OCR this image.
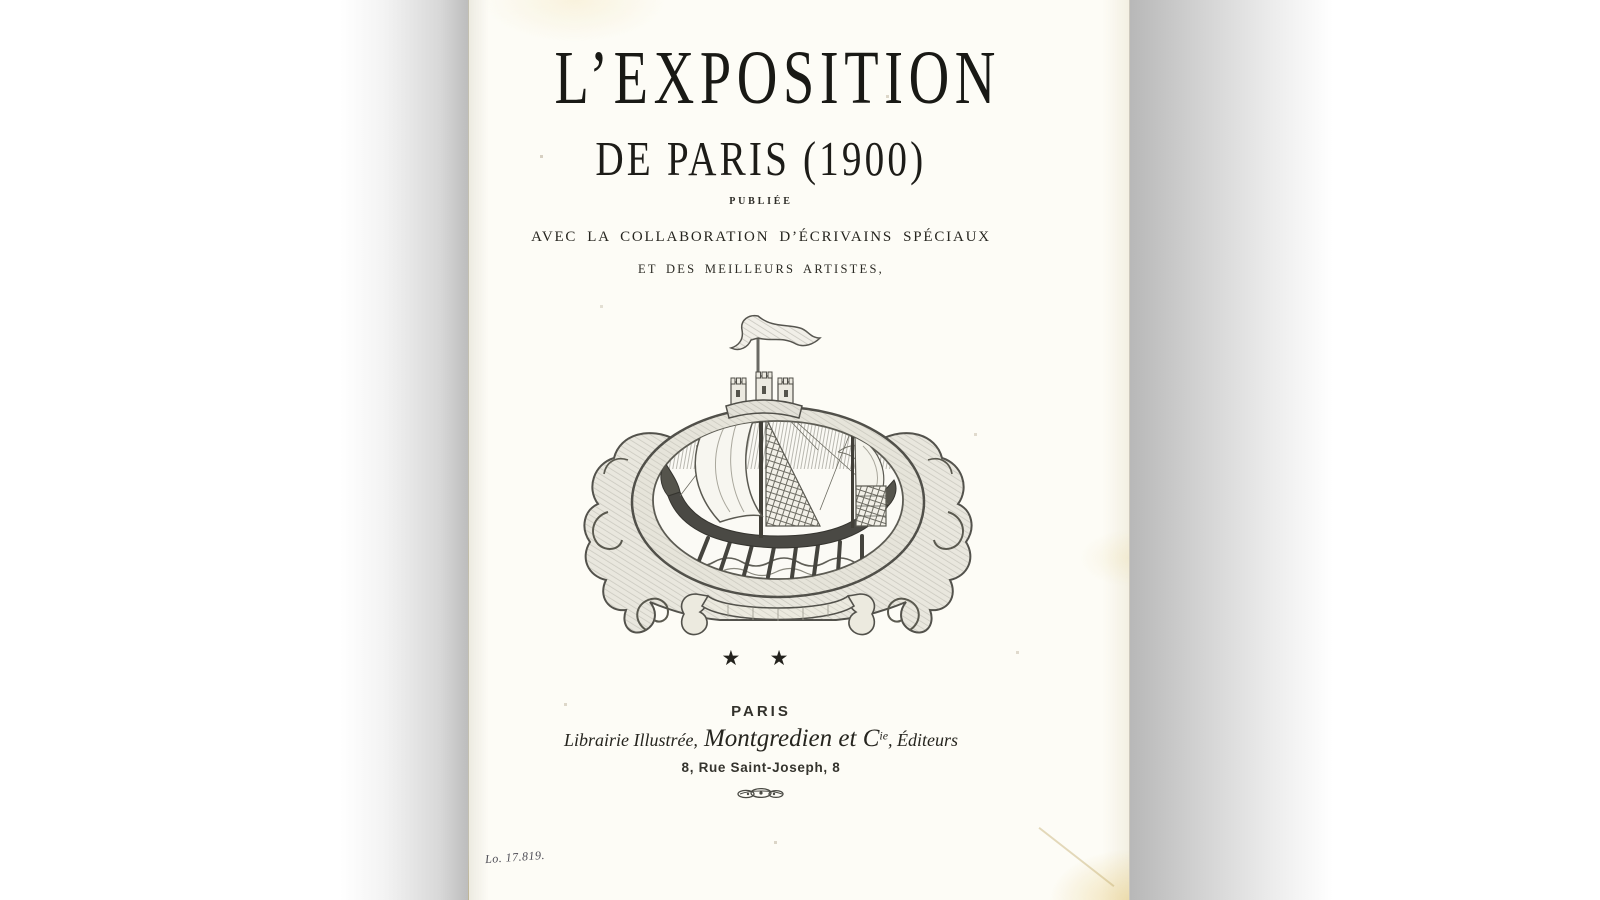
L’EXPOSITION
DE PARIS (1900)
PUBLIÉE
AVEC LA COLLABORATION D’ÉCRIVAINS SPÉCIAUX
ET DES MEILLEURS ARTISTES,
★ ★
PARIS
Librairie Illustrée, Montgredien et $C^{ie}$, Éditeurs
8, Rue Saint-Joseph, 8
Lo. 17.819.
